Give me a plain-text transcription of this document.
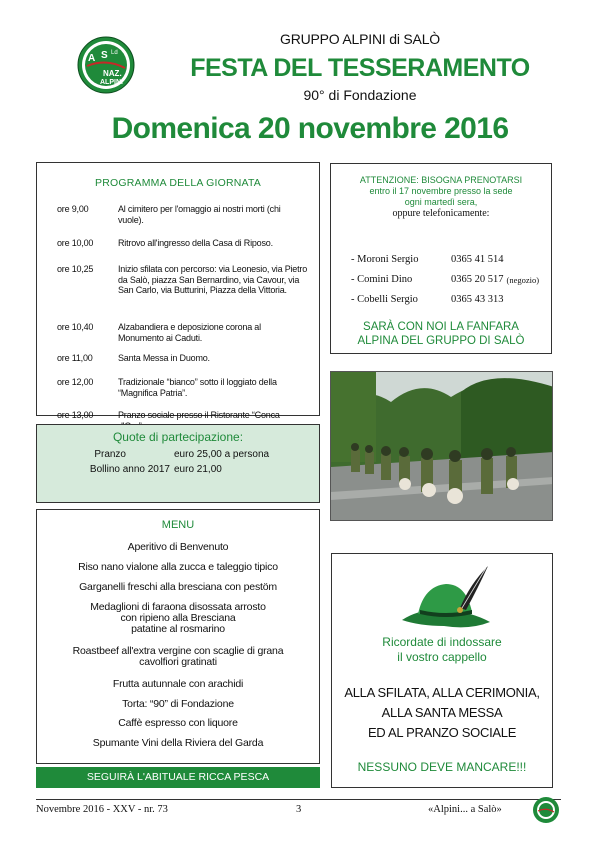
A S Ld
NAZ.
ALPINI
GRUPPO ALPINI di SALÒ
FESTA DEL TESSERAMENTO
90° di Fondazione
Domenica 20 novembre 2016
PROGRAMMA DELLA GIORNATA
ore 9,00	Al cimitero per l'omaggio ai nostri morti (chi vuole).
ore 10,00	Ritrovo all'ingresso della Casa di Riposo.
ore 10,25	Inizio sfilata con percorso: via Leonesio, via Pietro da Salò, piazza San Bernardino, via Cavour, via San Carlo, via Butturini, Piazza della Vittoria.
ore 10,40	Alzabandiera e deposizione corona al Monumento ai Caduti.
ore 11,00	Santa Messa in Duomo.
ore 12,00	Tradizionale “bianco” sotto il loggiato della “Magnifica Patria”.
ore 13,00	Pranzo sociale presso il Ristorante “Conca
Quote di partecipazione:
Pranzo	euro 25,00 a persona
Bollino anno 2017 euro 21,00
MENU
Aperitivo di Benvenuto
Riso nano vialone alla zucca e taleggio tipico
Garganelli freschi alla bresciana con pestöm
Medaglioni di faraona disossata arrosto
con ripieno alla Bresciana
patatine al rosmarino
Roastbeef all'extra vergine con scaglie di grana
cavolfiori gratinati
Frutta autunnale con arachidi
Torta: “90” di Fondazione
Caffè espresso con liquore
Spumante Vini della Riviera del Garda
SEGUIRÀ L'ABITUALE RICCA PESCA
ATTENZIONE: BISOGNA PRENOTARSI
entro il 17 novembre presso la sede
ogni martedì sera,
oppure telefonicamente:
- Moroni Sergio	0365 41 514
- Comini Dino	0365 20 517 (negozio)
- Cobelli Sergio	0365 43 313
SARÀ CON NOI LA FANFARA
ALPINA DEL GRUPPO DI SALÒ
Ricordate di indossare
il vostro cappello
ALLA SFILATA, ALLA CERIMONIA,
ALLA SANTA MESSA
ED AL PRANZO SOCIALE
NESSUNO DEVE MANCARE!!!
Novembre 2016 - XXV - nr. 73	3	«Alpini... a Salò»
